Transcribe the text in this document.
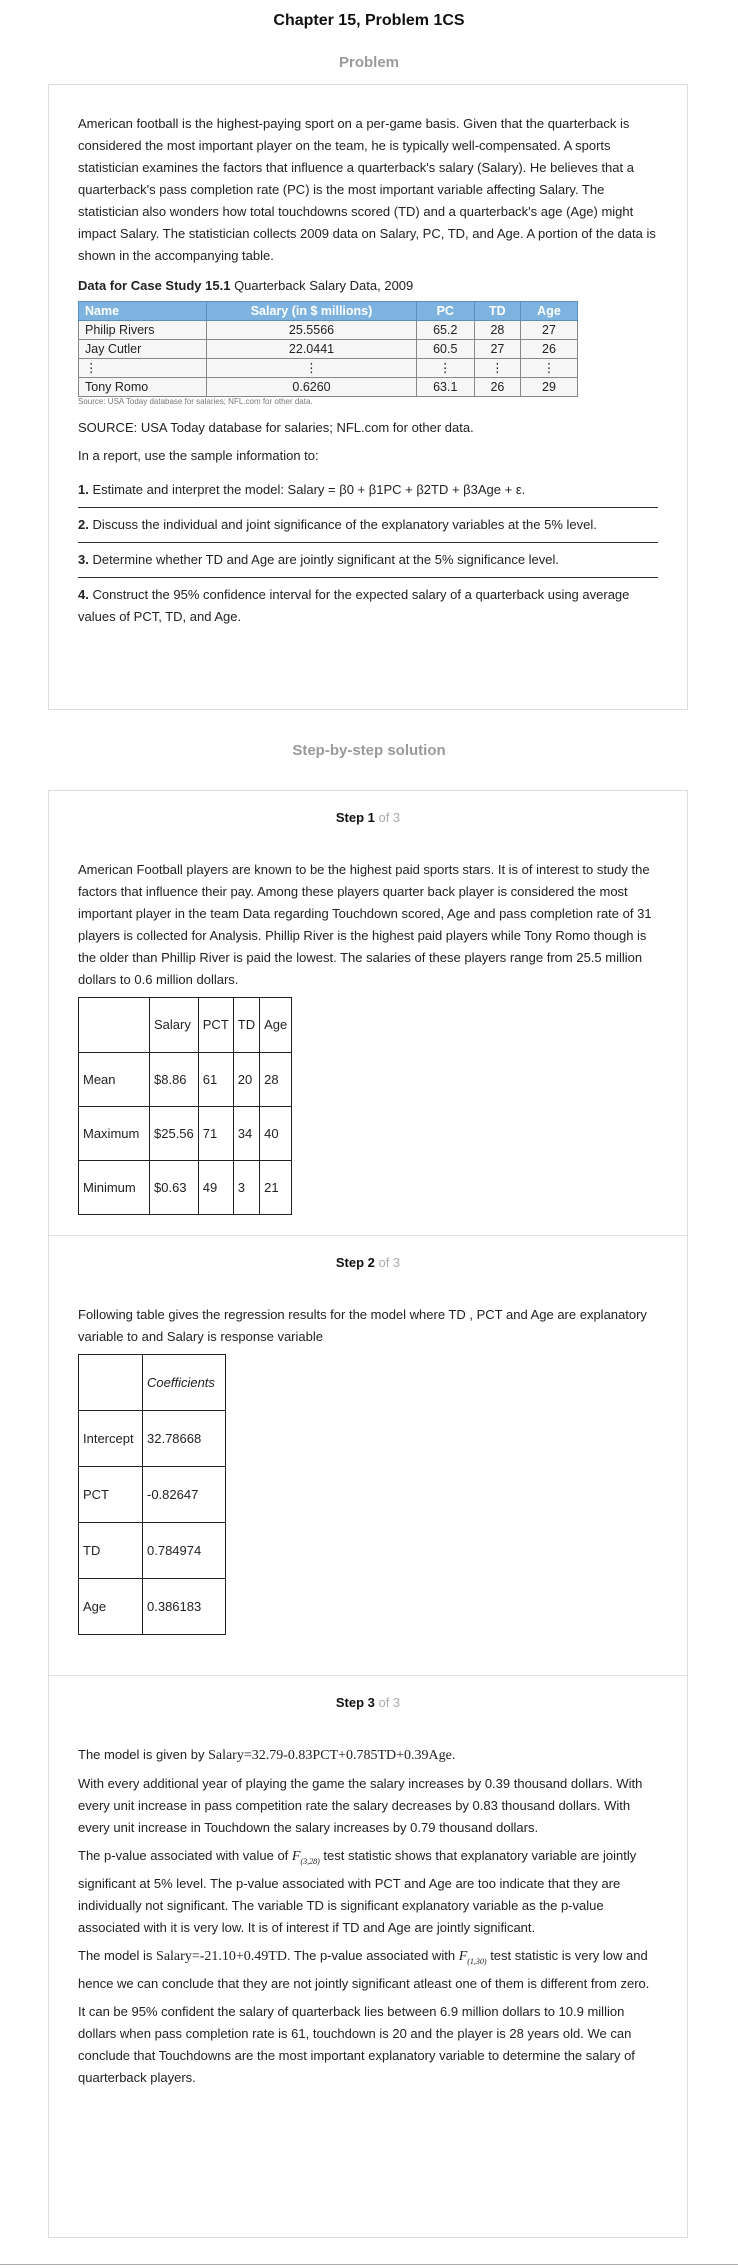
Chapter 15, Problem 1CS
Problem

American football is the highest-paying sport on a per-game basis. Given that the quarterback is considered the most important player on the team, he is typically well-compensated. A sports statistician examines the factors that influence a quarterback's salary (Salary). He believes that a quarterback's pass completion rate (PC) is the most important variable affecting Salary. The statistician also wonders how total touchdowns scored (TD) and a quarterback's age (Age) might impact Salary. The statistician collects 2009 data on Salary, PC, TD, and Age. A portion of the data is shown in the accompanying table.

Data for Case Study 15.1 Quarterback Salary Data, 2009

Name	Salary (in $ millions)	PC	TD	Age
Philip Rivers	25.5566	65.2	28	27
Jay Cutler	22.0441	60.5	27	26
⋮	⋮	⋮	⋮	⋮
Tony Romo	0.6260	63.1	26	29
Source: USA Today database for salaries; NFL.com for other data.

SOURCE: USA Today database for salaries; NFL.com for other data.

In a report, use the sample information to:

1. Estimate and interpret the model: Salary = β0 + β1PC + β2TD + β3Age + ε.
2. Discuss the individual and joint significance of the explanatory variables at the 5% level.
3. Determine whether TD and Age are jointly significant at the 5% significance level.
4. Construct the 95% confidence interval for the expected salary of a quarterback using average values of PCT, TD, and Age.
Step-by-step solution
Step 1 of 3

American Football players are known to be the highest paid sports stars. It is of interest to study the factors that influence their pay. Among these players quarter back player is considered the most important player in the team Data regarding Touchdown scored, Age and pass completion rate of 31 players is collected for Analysis. Phillip River is the highest paid players while Tony Romo though is the older than Phillip River is paid the lowest. The salaries of these players range from 25.5 million dollars to 0.6 million dollars.

	Salary	PCT	TD	Age
Mean	$8.86	61	20	28
Maximum	$25.56	71	34	40
Minimum	$0.63	49	3	21
Step 2 of 3

Following table gives the regression results for the model where TD , PCT and Age are explanatory variable to and Salary is response variable

	Coefficients
Intercept	32.78668
PCT	-0.82647
TD	0.784974
Age	0.386183
Step 3 of 3

The model is given by Salary=32.79-0.83PCT+0.785TD+0.39Age.

With every additional year of playing the game the salary increases by 0.39 thousand dollars. With every unit increase in pass competition rate the salary decreases by 0.83 thousand dollars. With every unit increase in Touchdown the salary increases by 0.79 thousand dollars.

The p-value associated with value of $F_{(3,28)}$ test statistic shows that explanatory variable are jointly significant at 5% level. The p-value associated with PCT and Age are too indicate that they are individually not significant. The variable TD is significant explanatory variable as the p-value associated with it is very low. It is of interest if TD and Age are jointly significant.

The model is Salary=-21.10+0.49TD. The p-value associated with $F_{(1,30)}$ test statistic is very low and hence we can conclude that they are not jointly significant atleast one of them is different from zero.

It can be 95% confident the salary of quarterback lies between 6.9 million dollars to 10.9 million dollars when pass completion rate is 61, touchdown is 20 and the player is 28 years old. We can conclude that Touchdowns are the most important explanatory variable to determine the salary of quarterback players.
